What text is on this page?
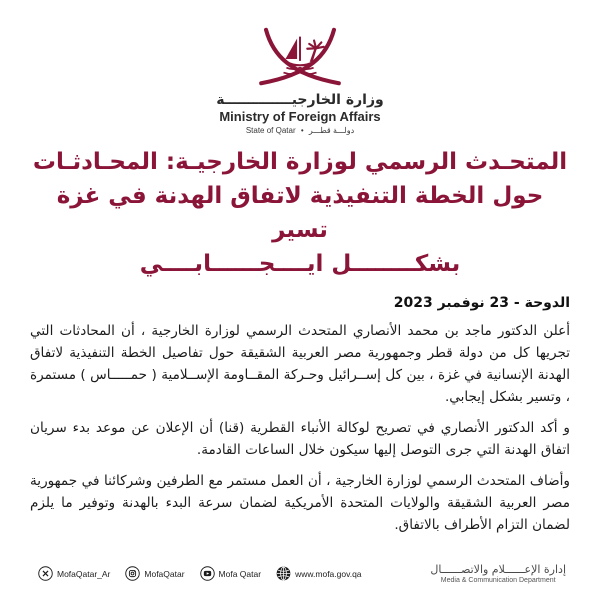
وزارة الخارجيــــــــــــــة
Ministry of Foreign Affairs
دولـــة قطـــر • State of Qatar
المتحـدث الرسمي لوزارة الخارجيـة: المحـادثـات
حول الخطة التنفيذية لاتفاق الهدنة في غزة تسير
بشكــــــــل ايــــجــــــابــــي
الدوحة - 23 نوفمبر 2023

أعلن الدكتور ماجد بن محمد الأنصاري المتحدث الرسمي لوزارة الخارجية ، أن المحادثات التي تجريها كل من دولة قطر وجمهورية مصر العربية الشقيقة حول تفاصيل الخطة التنفيذية لاتفاق الهدنة الإنسانية في غزة ، بين كل إســرائيل وحـركة المقــاومة الإســلامية ( حمـــــاس ) مستمرة ، وتسير بشكل إيجابي.

و أكد الدكتور الأنصاري في تصريح لوكالة الأنباء القطرية (قنا) أن الإعلان عن موعد بدء سريان اتفاق الهدنة التي جرى التوصل إليها سيكون خلال الساعات القادمة.

وأضاف المتحدث الرسمي لوزارة الخارجية ، أن العمل مستمر مع الطرفين وشركائنا في جمهورية مصر العربية الشقيقة والولايات المتحدة الأمريكية لضمان سرعة البدء بالهدنة وتوفير ما يلزم لضمان التزام الأطراف بالاتفاق.

MofaQatar_Ar	MofaQatar	Mofa Qatar	www.mofa.gov.qa	إدارة الإعــــــلام والاتصــــــال
Media & Communication Department
